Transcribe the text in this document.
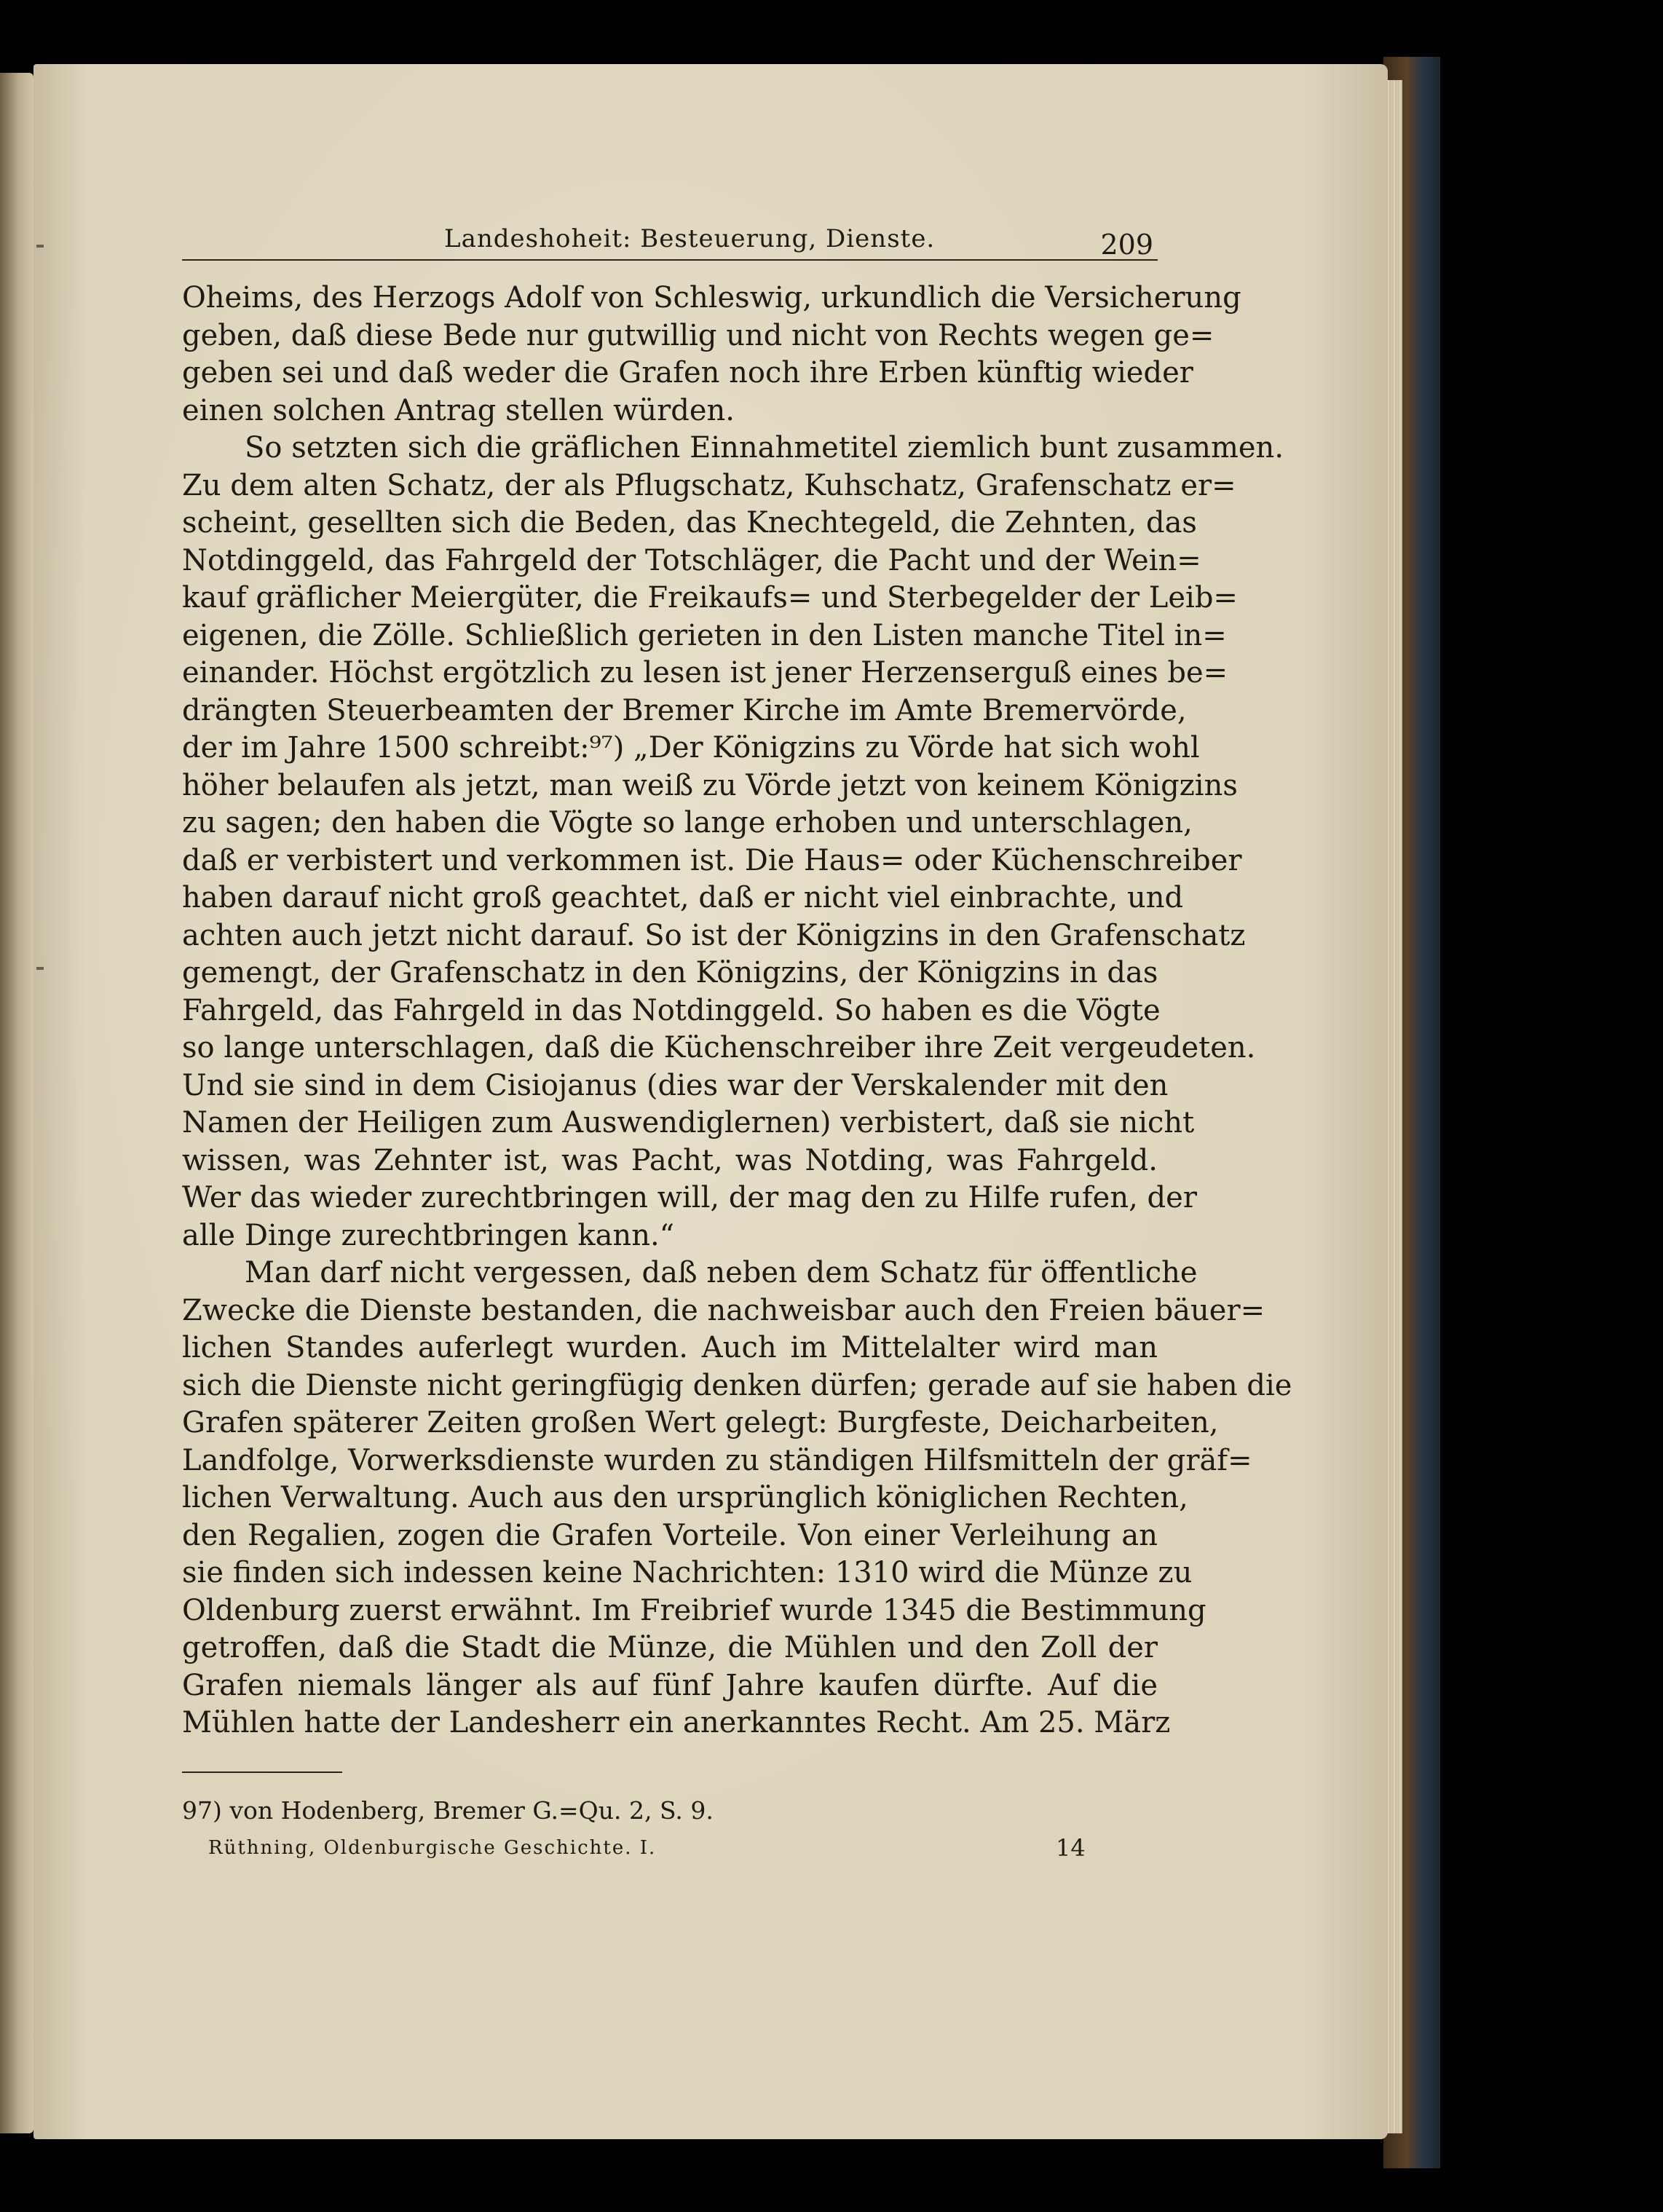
Landeshoheit: Besteuerung, Dienste.	209

Oheims, des Herzogs Adolf von Schleswig, urkundlich die Versicherung
geben, daß diese Bede nur gutwillig und nicht von Rechts wegen ge=
geben sei und daß weder die Grafen noch ihre Erben künftig wieder
einen solchen Antrag stellen würden.

So setzten sich die gräflichen Einnahmetitel ziemlich bunt zusammen.
Zu dem alten Schatz, der als Pflugschatz, Kuhschatz, Grafenschatz er=
scheint, gesellten sich die Beden, das Knechtegeld, die Zehnten, das
Notdinggeld, das Fahrgeld der Totschläger, die Pacht und der Wein=
kauf gräflicher Meiergüter, die Freikaufs= und Sterbegelder der Leib=
eigenen, die Zölle. Schließlich gerieten in den Listen manche Titel in=
einander. Höchst ergötzlich zu lesen ist jener Herzenserguß eines be=
drängten Steuerbeamten der Bremer Kirche im Amte Bremervörde,
der im Jahre 1500 schreibt:⁹⁷) „Der Königzins zu Vörde hat sich wohl
höher belaufen als jetzt, man weiß zu Vörde jetzt von keinem Königzins
zu sagen; den haben die Vögte so lange erhoben und unterschlagen,
daß er verbistert und verkommen ist. Die Haus= oder Küchenschreiber
haben darauf nicht groß geachtet, daß er nicht viel einbrachte, und
achten auch jetzt nicht darauf. So ist der Königzins in den Grafenschatz
gemengt, der Grafenschatz in den Königzins, der Königzins in das
Fahrgeld, das Fahrgeld in das Notdinggeld. So haben es die Vögte
so lange unterschlagen, daß die Küchenschreiber ihre Zeit vergeudeten.
Und sie sind in dem Cisiojanus (dies war der Verskalender mit den
Namen der Heiligen zum Auswendiglernen) verbistert, daß sie nicht
wissen, was Zehnter ist, was Pacht, was Notding, was Fahrgeld.
Wer das wieder zurechtbringen will, der mag den zu Hilfe rufen, der
alle Dinge zurechtbringen kann.“

Man darf nicht vergessen, daß neben dem Schatz für öffentliche
Zwecke die Dienste bestanden, die nachweisbar auch den Freien bäuer=
lichen Standes auferlegt wurden. Auch im Mittelalter wird man
sich die Dienste nicht geringfügig denken dürfen; gerade auf sie haben die
Grafen späterer Zeiten großen Wert gelegt: Burgfeste, Deicharbeiten,
Landfolge, Vorwerksdienste wurden zu ständigen Hilfsmitteln der gräf=
lichen Verwaltung. Auch aus den ursprünglich königlichen Rechten,
den Regalien, zogen die Grafen Vorteile. Von einer Verleihung an
sie finden sich indessen keine Nachrichten: 1310 wird die Münze zu
Oldenburg zuerst erwähnt. Im Freibrief wurde 1345 die Bestimmung
getroffen, daß die Stadt die Münze, die Mühlen und den Zoll der
Grafen niemals länger als auf fünf Jahre kaufen dürfte. Auf die
Mühlen hatte der Landesherr ein anerkanntes Recht. Am 25. März

97) von Hodenberg, Bremer G.=Qu. 2, S. 9.
Rüthning, Oldenburgische Geschichte. I.	14
